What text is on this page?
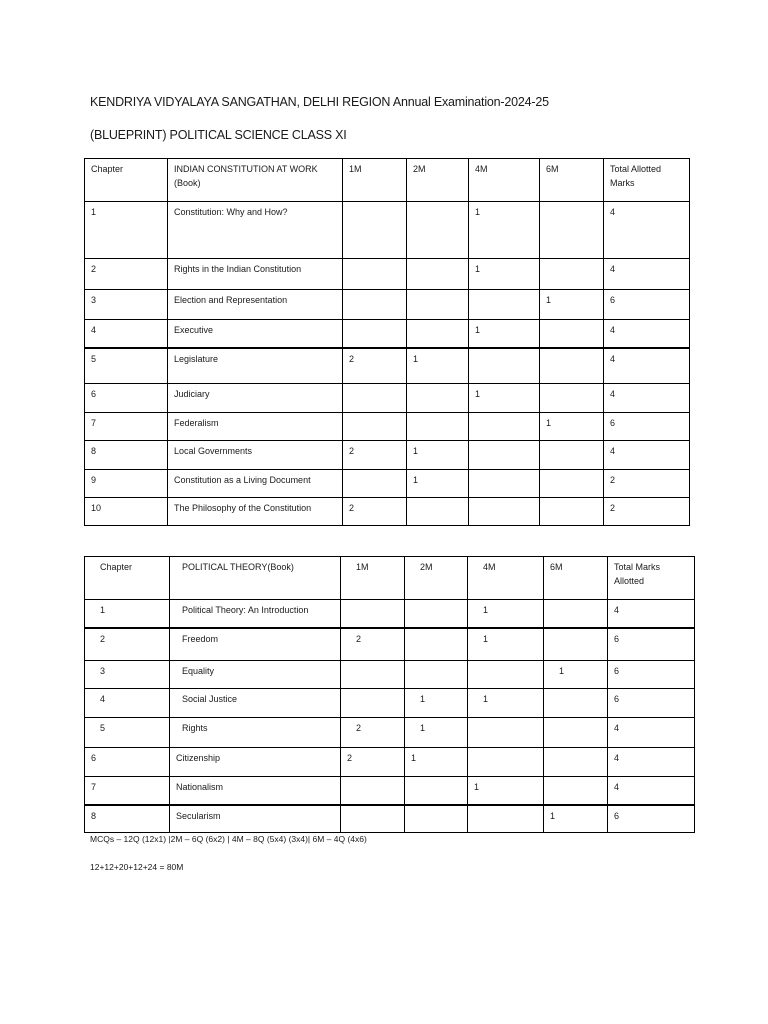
KENDRIYA VIDYALAYA SANGATHAN, DELHI REGION Annual Examination-2024-25
(BLUEPRINT) POLITICAL SCIENCE CLASS XI
Chapter	INDIAN CONSTITUTION AT WORK (Book)	1M	2M	4M	6M	Total Allotted Marks
1	Constitution: Why and How?			1		4
2	Rights in the Indian Constitution			1		4
3	Election and Representation				1	6
4	Executive			1		4
5	Legislature	2	1			4
6	Judiciary			1		4
7	Federalism				1	6
8	Local Governments	2	1			4
9	Constitution as a Living Document		1			2
10	The Philosophy of the Constitution	2				2
Chapter	POLITICAL THEORY(Book)	1M	2M	4M	6M	Total Marks Allotted
1	Political Theory: An Introduction			1		4
2	Freedom	2		1		6
3	Equality				1	6
4	Social Justice		1	1		6
5	Rights	2	1			4
6	Citizenship	2	1			4
7	Nationalism			1		4
8	Secularism				1	6
MCQs – 12Q (12x1) |2M – 6Q (6x2) | 4M – 8Q (5x4) (3x4)| 6M – 4Q (4x6)
12+12+20+12+24 = 80M
